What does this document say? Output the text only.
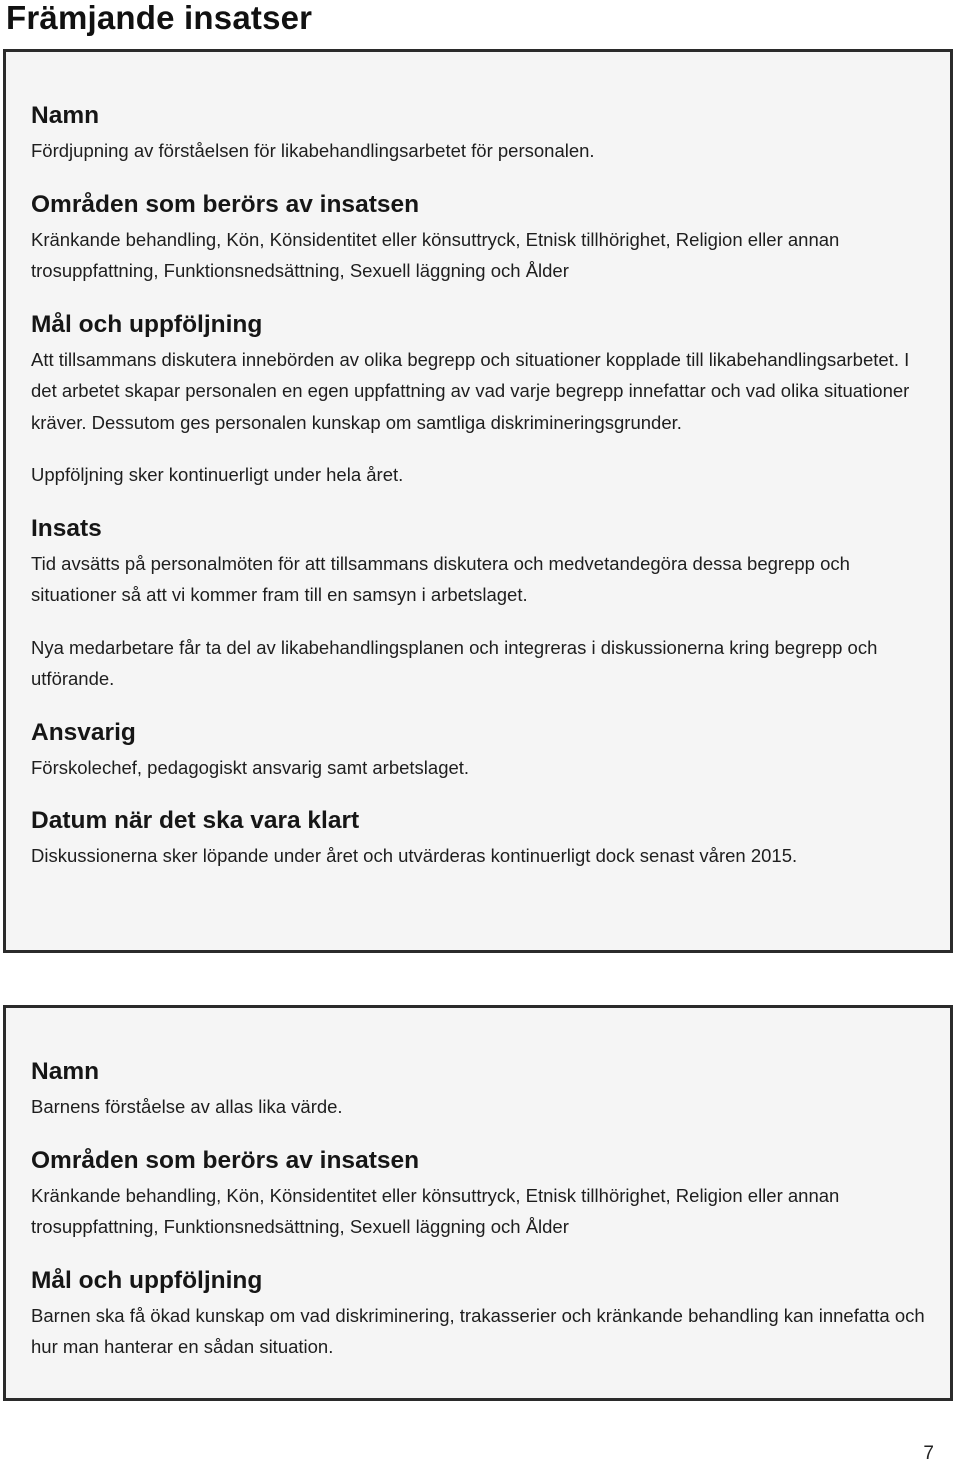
Främjande insatser
Namn

Fördjupning av förståelsen för likabehandlingsarbetet för personalen.

Områden som berörs av insatsen

Kränkande behandling, Kön, Könsidentitet eller könsuttryck, Etnisk tillhörighet, Religion eller annan trosuppfattning, Funktionsnedsättning, Sexuell läggning och Ålder

Mål och uppföljning

Att tillsammans diskutera innebörden av olika begrepp och situationer kopplade till likabehandlingsarbetet. I det arbetet skapar personalen en egen uppfattning av vad varje begrepp innefattar och vad olika situationer kräver. Dessutom ges personalen kunskap om samtliga diskrimineringsgrunder.

Uppföljning sker kontinuerligt under hela året.

Insats

Tid avsätts på personalmöten för att tillsammans diskutera och medvetandegöra dessa begrepp och situationer så att vi kommer fram till en samsyn i arbetslaget.

Nya medarbetare får ta del av likabehandlingsplanen och integreras i diskussionerna kring begrepp och utförande.

Ansvarig

Förskolechef, pedagogiskt ansvarig samt arbetslaget.

Datum när det ska vara klart

Diskussionerna sker löpande under året och utvärderas kontinuerligt dock senast våren 2015.

Namn

Barnens förståelse av allas lika värde.

Områden som berörs av insatsen

Kränkande behandling, Kön, Könsidentitet eller könsuttryck, Etnisk tillhörighet, Religion eller annan trosuppfattning, Funktionsnedsättning, Sexuell läggning och Ålder

Mål och uppföljning

Barnen ska få ökad kunskap om vad diskriminering, trakasserier och kränkande behandling kan innefatta och hur man hanterar en sådan situation.

7
